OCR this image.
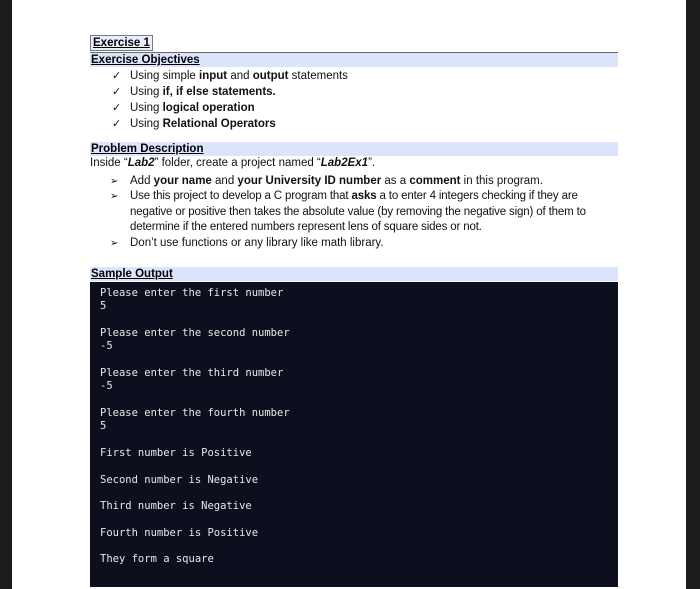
Exercise 1
Exercise Objectives
✓ Using simple input and output statements
✓ Using if, if else statements.
✓ Using logical operation
✓ Using Relational Operators
Problem Description
Inside “Lab2” folder, create a project named “Lab2Ex1”.
➢ Add your name and your University ID number as a comment in this program.
➢ Use this project to develop a C program that asks a to enter 4 integers checking if they are negative or positive then takes the absolute value (by removing the negative sign) of them to determine if the entered numbers represent lens of square sides or not.
➢ Don’t use functions or any library like math library.
Sample Output
Please enter the first number
5
Please enter the second number
-5
Please enter the third number
-5
Please enter the fourth number
5
First number is Positive
Second number is Negative
Third number is Negative
Fourth number is Positive
They form a square
